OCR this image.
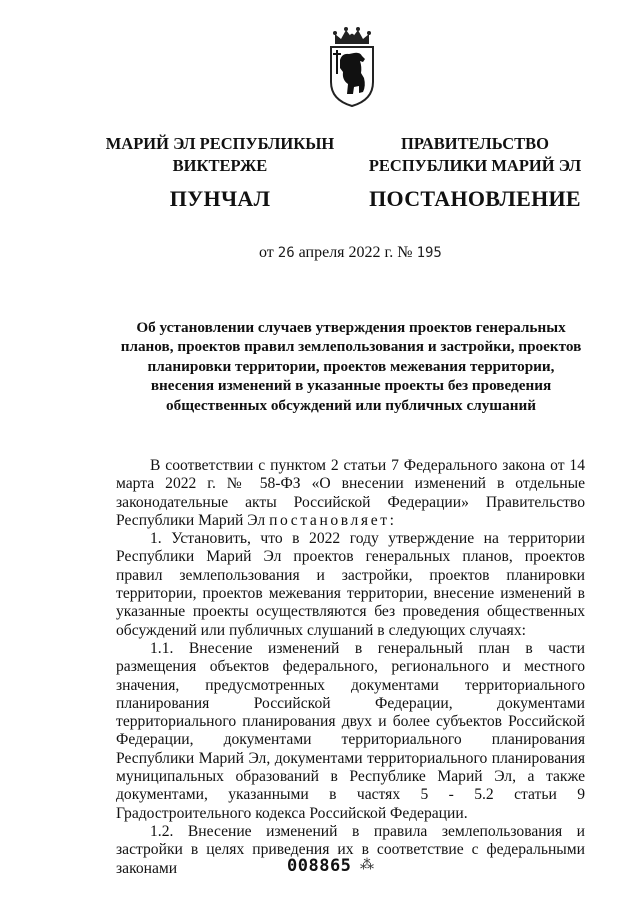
МАРИЙ ЭЛ РЕСПУБЛИКЫН
ВИКТЕРЖЕ
ПУНЧАЛ
ПРАВИТЕЛЬСТВО
РЕСПУБЛИКИ МАРИЙ ЭЛ
ПОСТАНОВЛЕНИЕ
от 26 апреля 2022 г. № 195
Об установлении случаев утверждения проектов генеральных планов, проектов правил землепользования и застройки, проектов планировки территории, проектов межевания территории, внесения изменений в указанные проекты без проведения общественных обсуждений или публичных слушаний

В соответствии с пунктом 2 статьи 7 Федерального закона от 14 марта 2022 г. № 58-ФЗ «О внесении изменений в отдельные законодательные акты Российской Федерации» Правительство Республики Марий Эл постановляет:

1. Установить, что в 2022 году утверждение на территории Республики Марий Эл проектов генеральных планов, проектов правил землепользования и застройки, проектов планировки территории, проектов межевания территории, внесение изменений в указанные проекты осуществляются без проведения общественных обсуждений или публичных слушаний в следующих случаях:

1.1. Внесение изменений в генеральный план в части размещения объектов федерального, регионального и местного значения, предусмотренных документами территориального планирования Российской Федерации, документами территориального планирования двух и более субъектов Российской Федерации, документами территориального планирования Республики Марий Эл, документами территориального планирования муниципальных образований в Республике Марий Эл, а также документами, указанными в частях 5 - 5.2 статьи 9 Градостроительного кодекса Российской Федерации.

1.2. Внесение изменений в правила землепользования и застройки в целях приведения их в соответствие с федеральными законами	008865 ⁂
